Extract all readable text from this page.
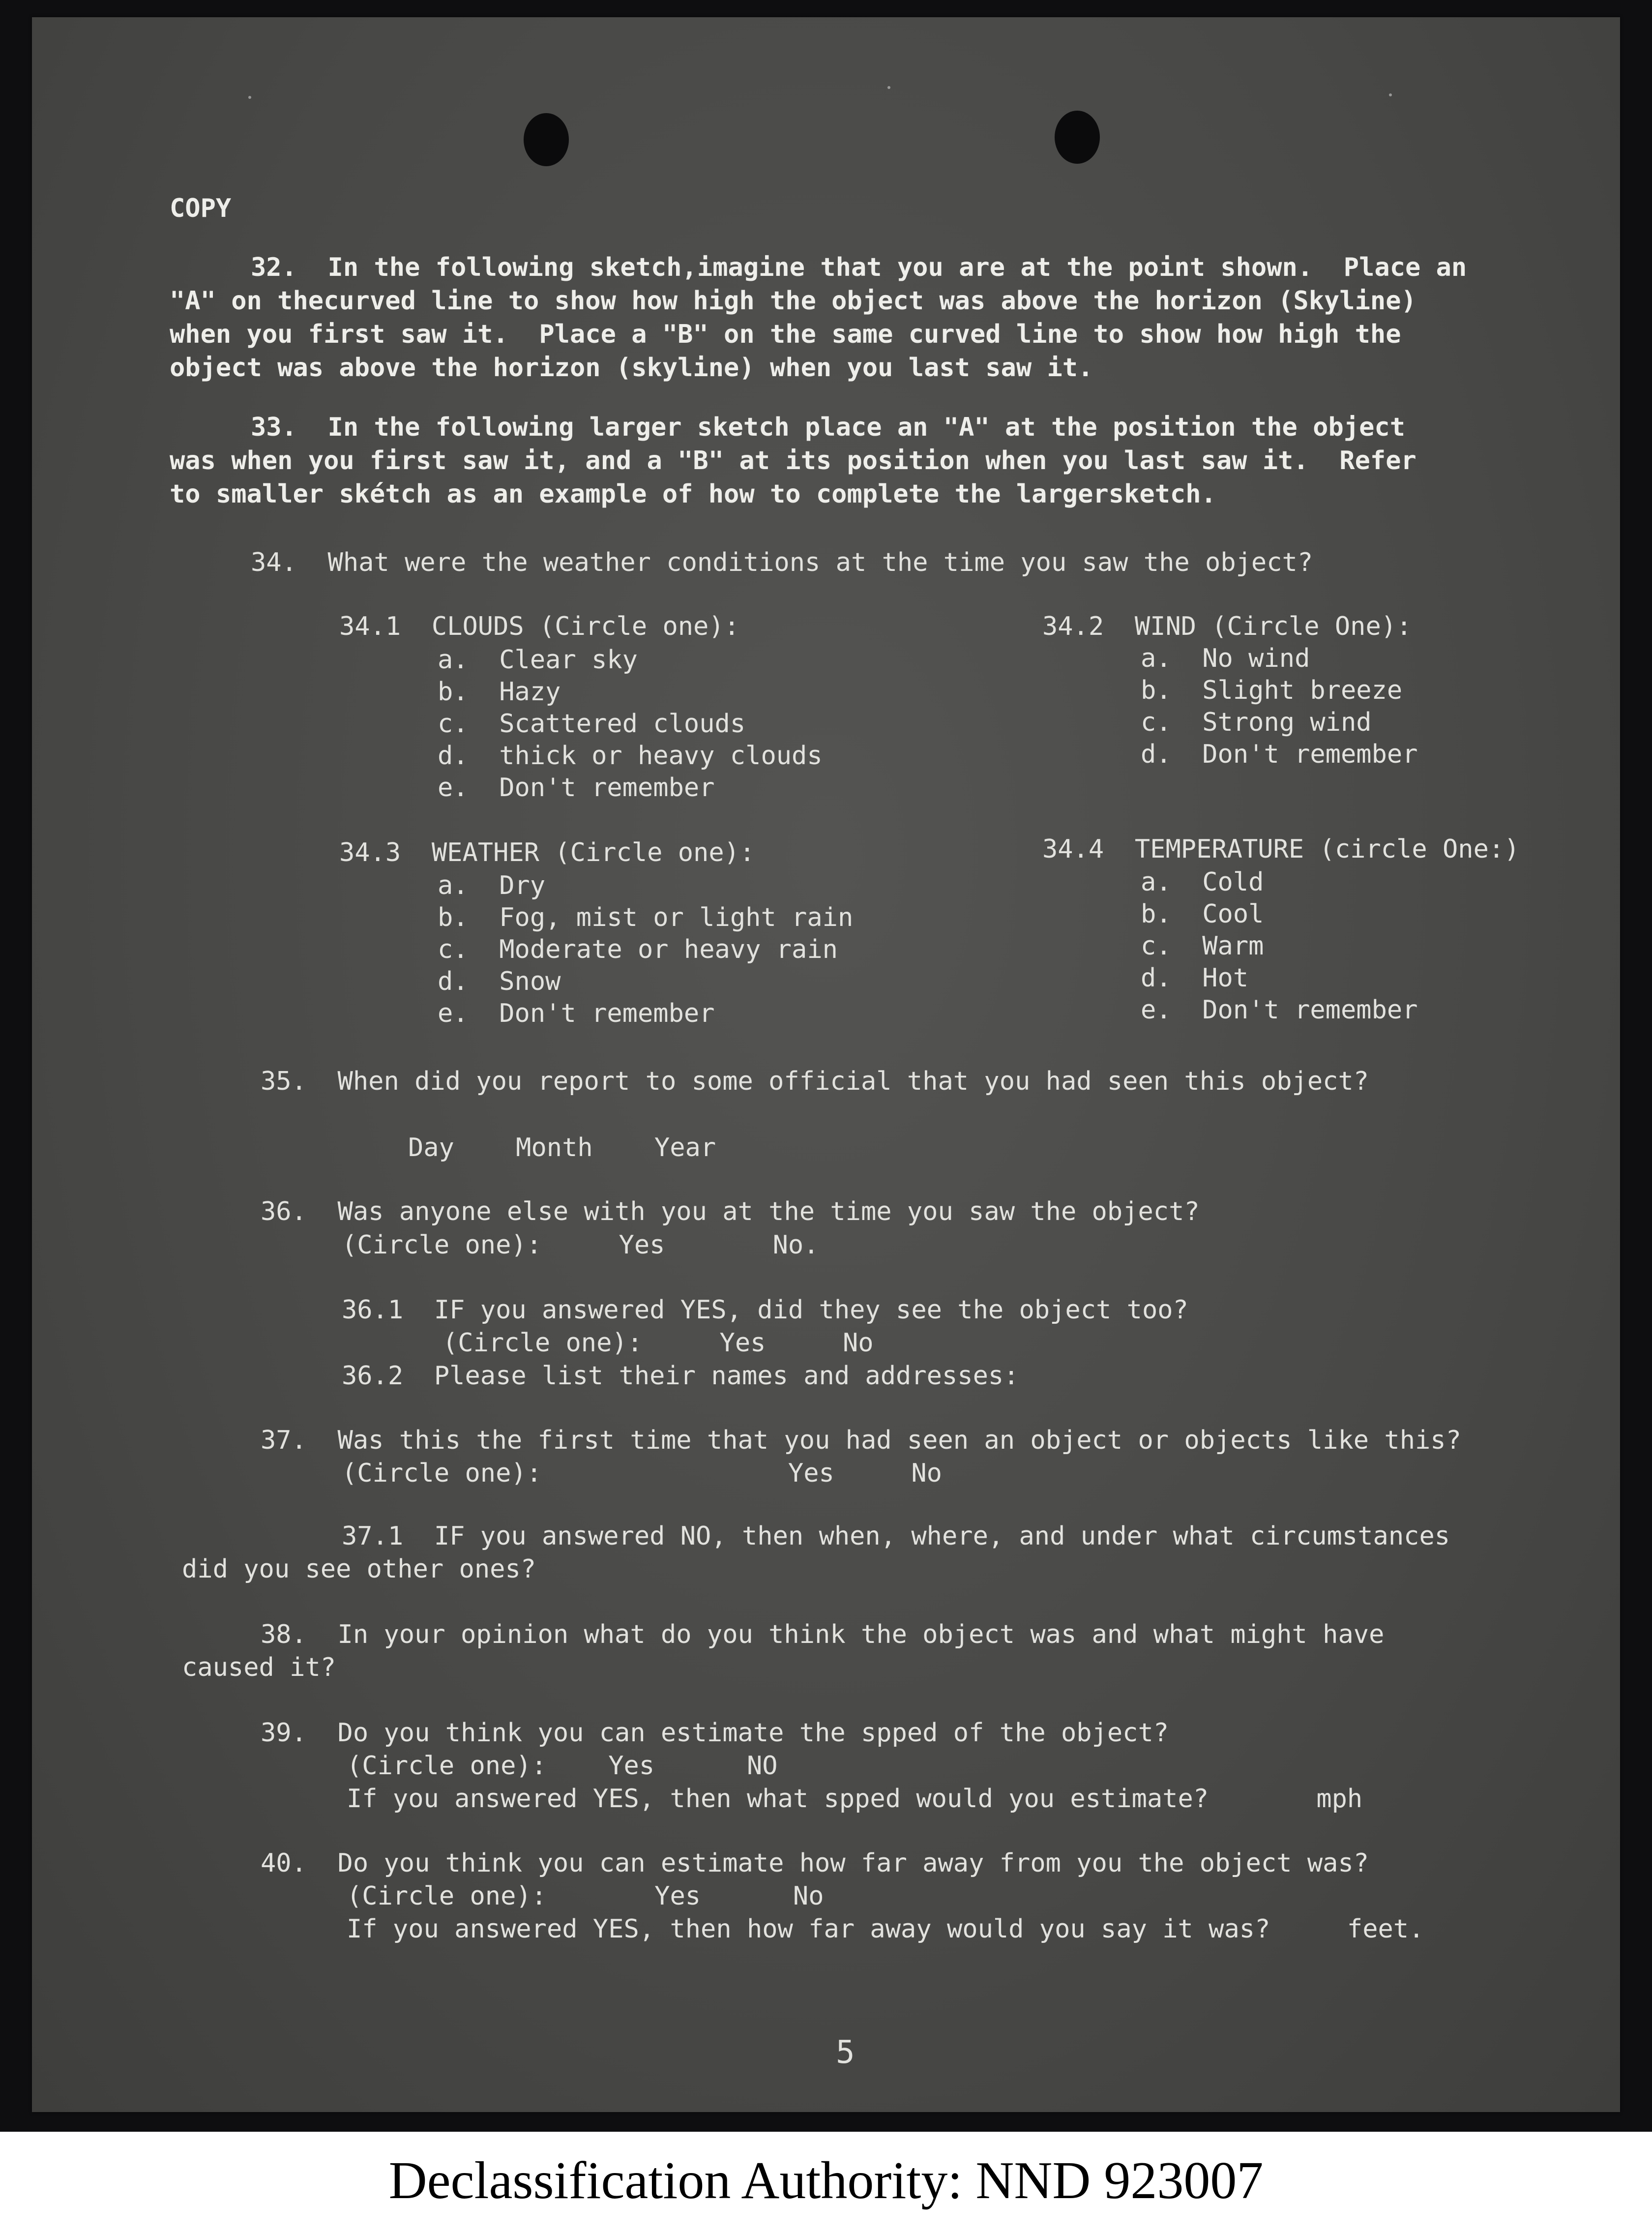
COPY
32.  In the following sketch,imagine that you are at the point shown.  Place an
"A" on thecurved line to show how high the object was above the horizon (Skyline)
when you first saw it.  Place a "B" on the same curved line to show how high the
object was above the horizon (skyline) when you last saw it.
33.  In the following larger sketch place an "A" at the position the object
was when you first saw it, and a "B" at its position when you last saw it.  Refer
to smaller skétch as an example of how to complete the largersketch.
34.  What were the weather conditions at the time you saw the object?
34.1  CLOUDS (Circle one):
a.  Clear sky
b.  Hazy
c.  Scattered clouds
d.  thick or heavy clouds
e.  Don't remember
34.2  WIND (Circle One):
a.  No wind
b.  Slight breeze
c.  Strong wind
d.  Don't remember
34.3  WEATHER (Circle one):
a.  Dry
b.  Fog, mist or light rain
c.  Moderate or heavy rain
d.  Snow
e.  Don't remember
34.4  TEMPERATURE (circle One:)
a.  Cold
b.  Cool
c.  Warm
d.  Hot
e.  Don't remember
35.  When did you report to some official that you had seen this object?
Day    Month    Year
36.  Was anyone else with you at the time you saw the object?
(Circle one):     Yes       No.
36.1  IF you answered YES, did they see the object too?
(Circle one):     Yes     No
36.2  Please list their names and addresses:
37.  Was this the first time that you had seen an object or objects like this?
(Circle one):                Yes     No
37.1  IF you answered NO, then when, where, and under what circumstances
did you see other ones?
38.  In your opinion what do you think the object was and what might have
caused it?
39.  Do you think you can estimate the spped of the object?
(Circle one):    Yes      NO
If you answered YES, then what spped would you estimate?       mph
40.  Do you think you can estimate how far away from you the object was?
(Circle one):       Yes      No
If you answered YES, then how far away would you say it was?     feet.
5
Declassification Authority: NND 923007
